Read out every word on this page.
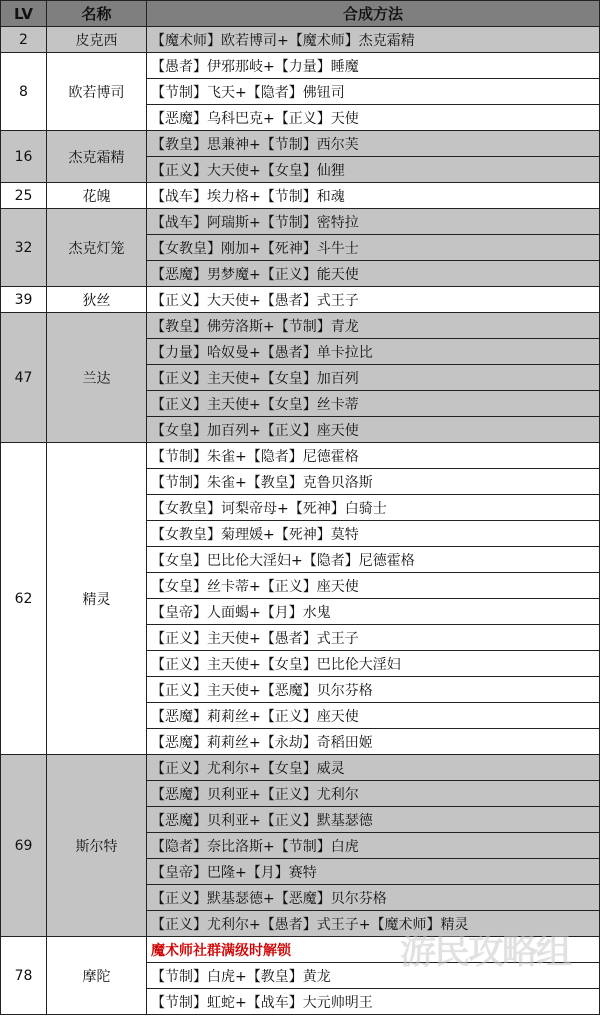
LV	名称	合成方法
2	皮克西	【魔术师】欧若博司+【魔术师】杰克霜精
8	欧若博司	【愚者】伊邪那岐+【力量】睡魔
		【节制】飞天+【隐者】佛钮司
		【恶魔】乌科巴克+【正义】天使
16	杰克霜精	【教皇】思兼神+【节制】西尔芙
		【正义】大天使+【女皇】仙狸
25	花魄	【战车】埃力格+【节制】和魂
32	杰克灯笼	【战车】阿瑞斯+【节制】密特拉
		【女教皇】刚加+【死神】斗牛士
		【恶魔】男梦魔+【正义】能天使
39	狄丝	【正义】大天使+【愚者】式王子
47	兰达	【教皇】佛劳洛斯+【节制】青龙
		【力量】哈奴曼+【愚者】单卡拉比
		【正义】主天使+【女皇】加百列
		【正义】主天使+【女皇】丝卡蒂
		【女皇】加百列+【正义】座天使
62	精灵	【节制】朱雀+【隐者】尼德霍格
		【节制】朱雀+【教皇】克鲁贝洛斯
		【女教皇】诃梨帝母+【死神】白骑士
		【女教皇】菊理媛+【死神】莫特
		【女皇】巴比伦大淫妇+【隐者】尼德霍格
		【女皇】丝卡蒂+【正义】座天使
		【皇帝】人面蝎+【月】水鬼
		【正义】主天使+【愚者】式王子
		【正义】主天使+【女皇】巴比伦大淫妇
		【正义】主天使+【恶魔】贝尔芬格
		【恶魔】莉莉丝+【正义】座天使
		【恶魔】莉莉丝+【永劫】奇稻田姬
69	斯尔特	【正义】尤利尔+【女皇】威灵
		【恶魔】贝利亚+【正义】尤利尔
		【恶魔】贝利亚+【正义】默基瑟德
		【隐者】奈比洛斯+【节制】白虎
		【皇帝】巴隆+【月】赛特
		【正义】默基瑟德+【恶魔】贝尔芬格
		【正义】尤利尔+【愚者】式王子+【魔术师】精灵
78	摩陀	魔术师社群满级时解锁
		【节制】白虎+【教皇】黄龙
		【节制】虹蛇+【战车】大元帅明王
游民攻略组
